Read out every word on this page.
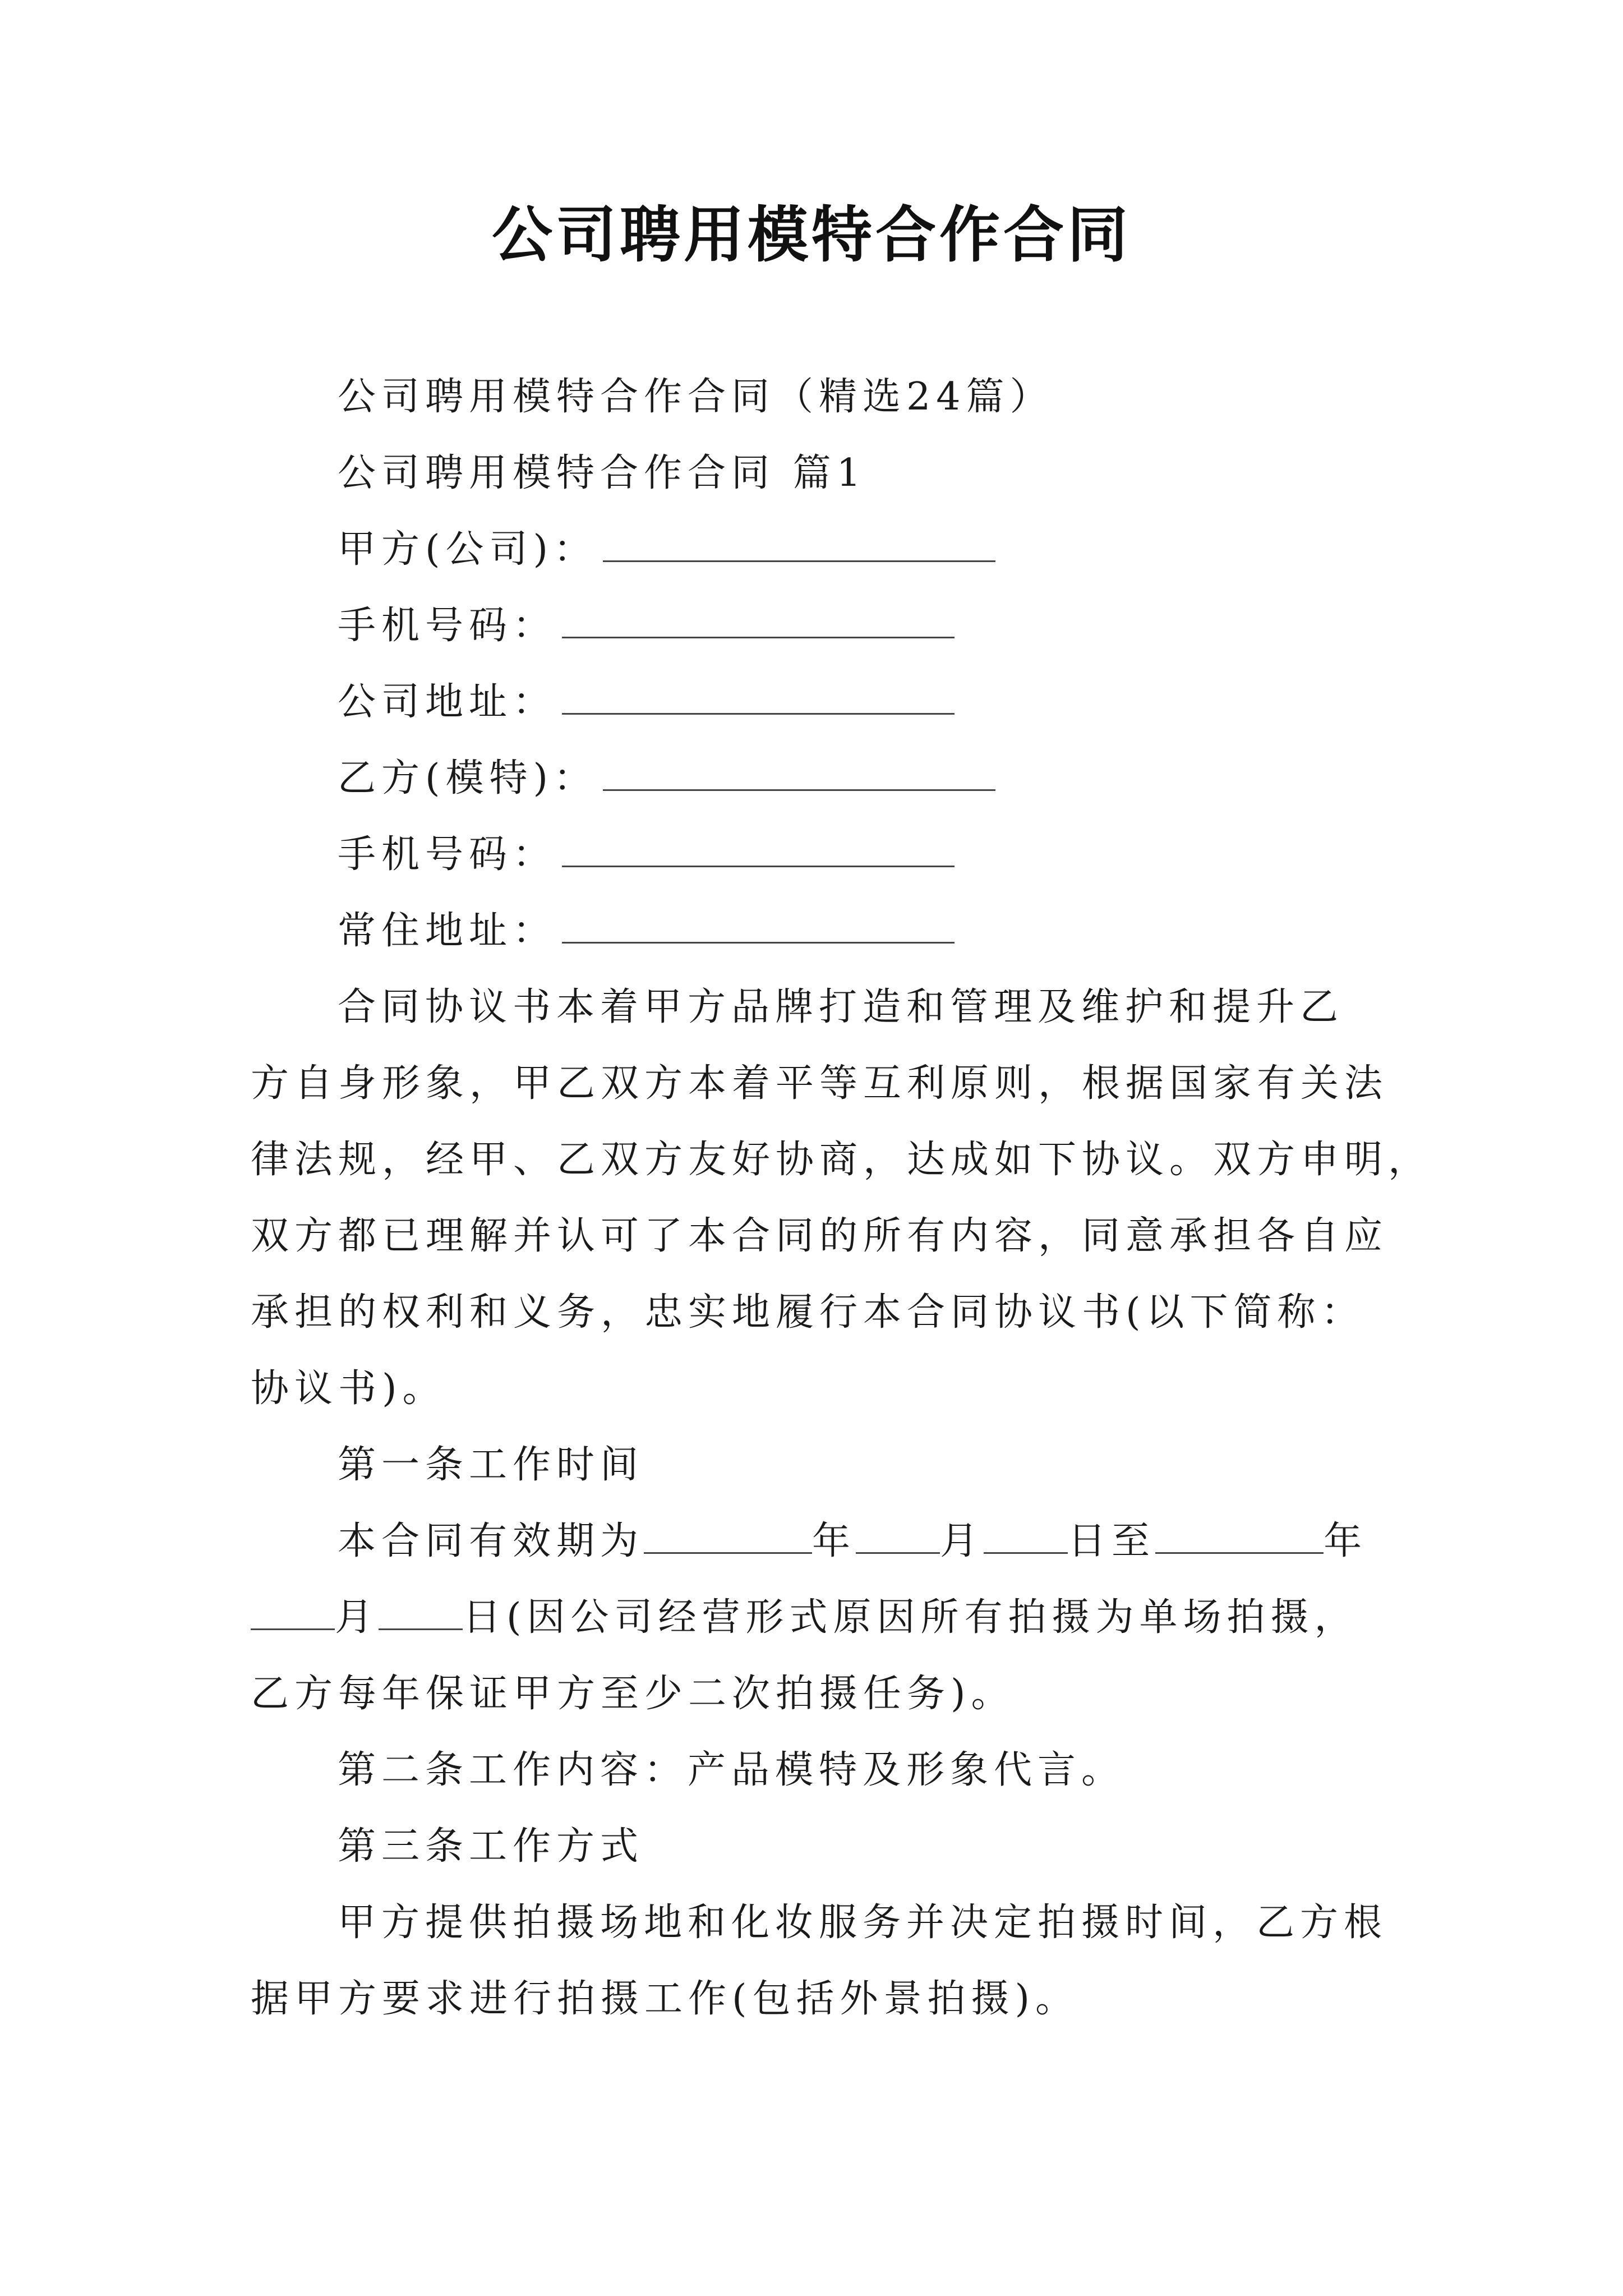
公司聘用模特合作合同
公司聘用模特合作合同（精选24篇）
公司聘用模特合作合同 篇1
甲方(公司)：
手机号码：
公司地址：
乙方(模特)：
手机号码：
常住地址：
合同协议书本着甲方品牌打造和管理及维护和提升乙
方自身形象，甲乙双方本着平等互利原则，根据国家有关法
律法规，经甲、乙双方友好协商，达成如下协议。双方申明，
双方都已理解并认可了本合同的所有内容，同意承担各自应
承担的权利和义务，忠实地履行本合同协议书(以下简称：
协议书)。
第一条工作时间
本合同有效期为	年 月 日至	年
月 日(因公司经营形式原因所有拍摄为单场拍摄，
乙方每年保证甲方至少二次拍摄任务)。
第二条工作内容：产品模特及形象代言。
第三条工作方式
甲方提供拍摄场地和化妆服务并决定拍摄时间，乙方根
据甲方要求进行拍摄工作(包括外景拍摄)。
